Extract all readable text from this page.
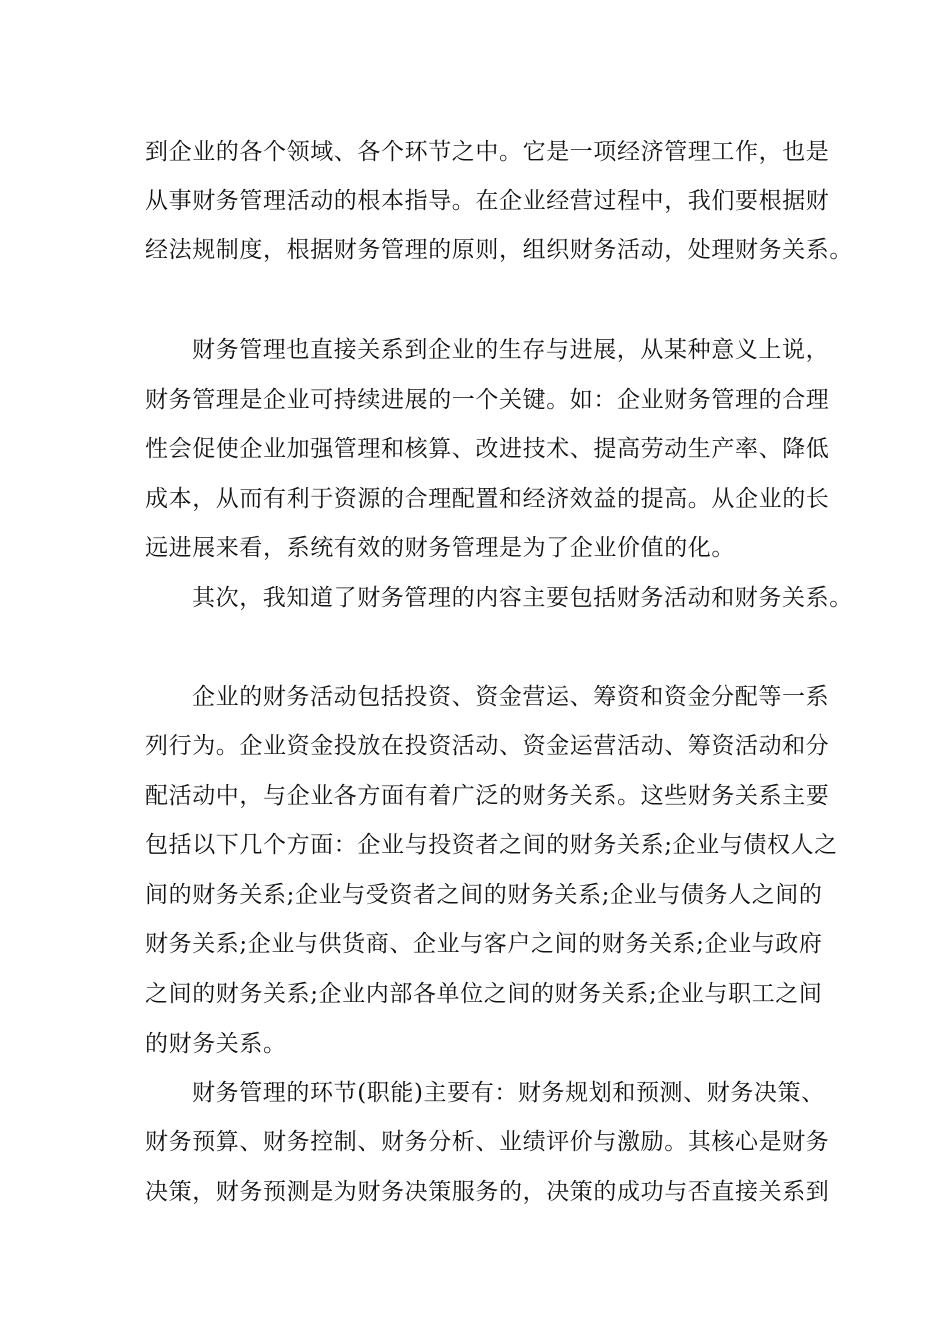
到企业的各个领域、各个环节之中。它是一项经济管理工作，也是
从事财务管理活动的根本指导。在企业经营过程中，我们要根据财
经法规制度，根据财务管理的原则，组织财务活动，处理财务关系。
财务管理也直接关系到企业的生存与进展，从某种意义上说，
财务管理是企业可持续进展的一个关键。如：企业财务管理的合理
性会促使企业加强管理和核算、改进技术、提高劳动生产率、降低
成本，从而有利于资源的合理配置和经济效益的提高。从企业的长
远进展来看，系统有效的财务管理是为了企业价值的化。
其次，我知道了财务管理的内容主要包括财务活动和财务关系。
企业的财务活动包括投资、资金营运、筹资和资金分配等一系
列行为。企业资金投放在投资活动、资金运营活动、筹资活动和分
配活动中，与企业各方面有着广泛的财务关系。这些财务关系主要
包括以下几个方面：企业与投资者之间的财务关系;企业与债权人之
间的财务关系;企业与受资者之间的财务关系;企业与债务人之间的
财务关系;企业与供货商、企业与客户之间的财务关系;企业与政府
之间的财务关系;企业内部各单位之间的财务关系;企业与职工之间
的财务关系。
财务管理的环节(职能)主要有：财务规划和预测、财务决策、
财务预算、财务控制、财务分析、业绩评价与激励。其核心是财务
决策，财务预测是为财务决策服务的，决策的成功与否直接关系到
